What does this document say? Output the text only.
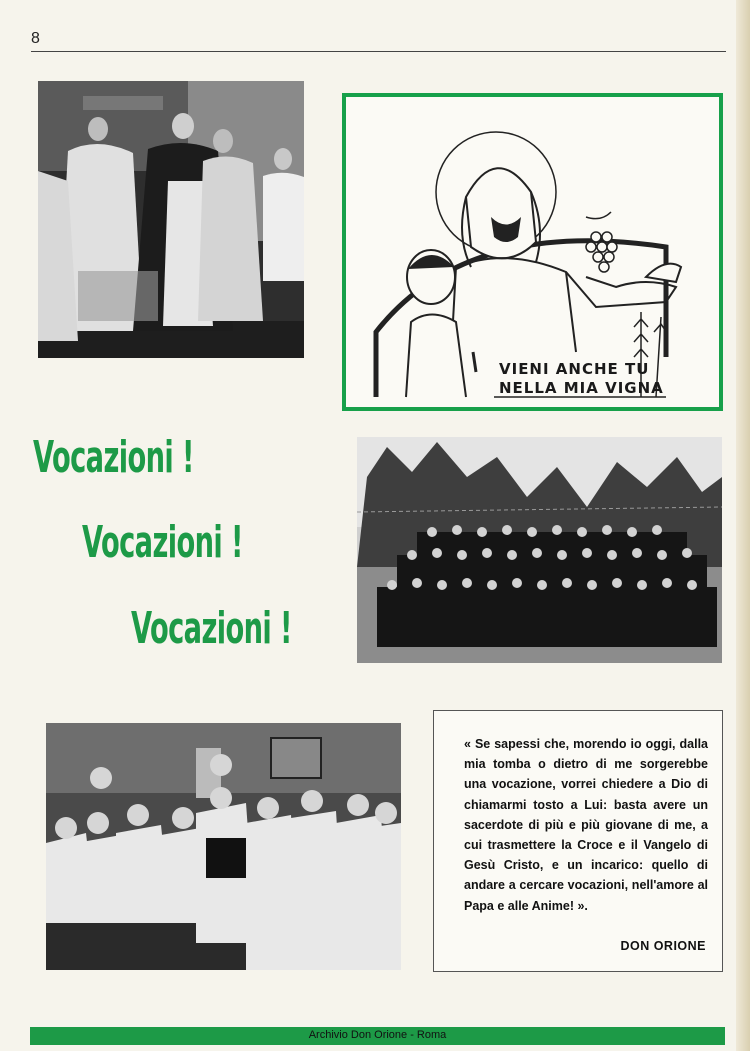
8
VIENI ANCHE TU
NELLA MIA VIGNA
Vocazioni !
Vocazioni !
Vocazioni !
« Se sapessi che, morendo io oggi, dalla mia tomba o dietro di me sorgerebbe una vocazione, vorrei chiedere a Dio di chiamarmi tosto a Lui: basta avere un sacerdote di più e più giovane di me, a cui trasmettere la Croce e il Vangelo di Gesù Cristo, e un incarico: quello di andare a cercare vocazioni, nell'amore al Papa e alle Anime! ».
DON ORIONE
Archivio Don Orione - Roma
